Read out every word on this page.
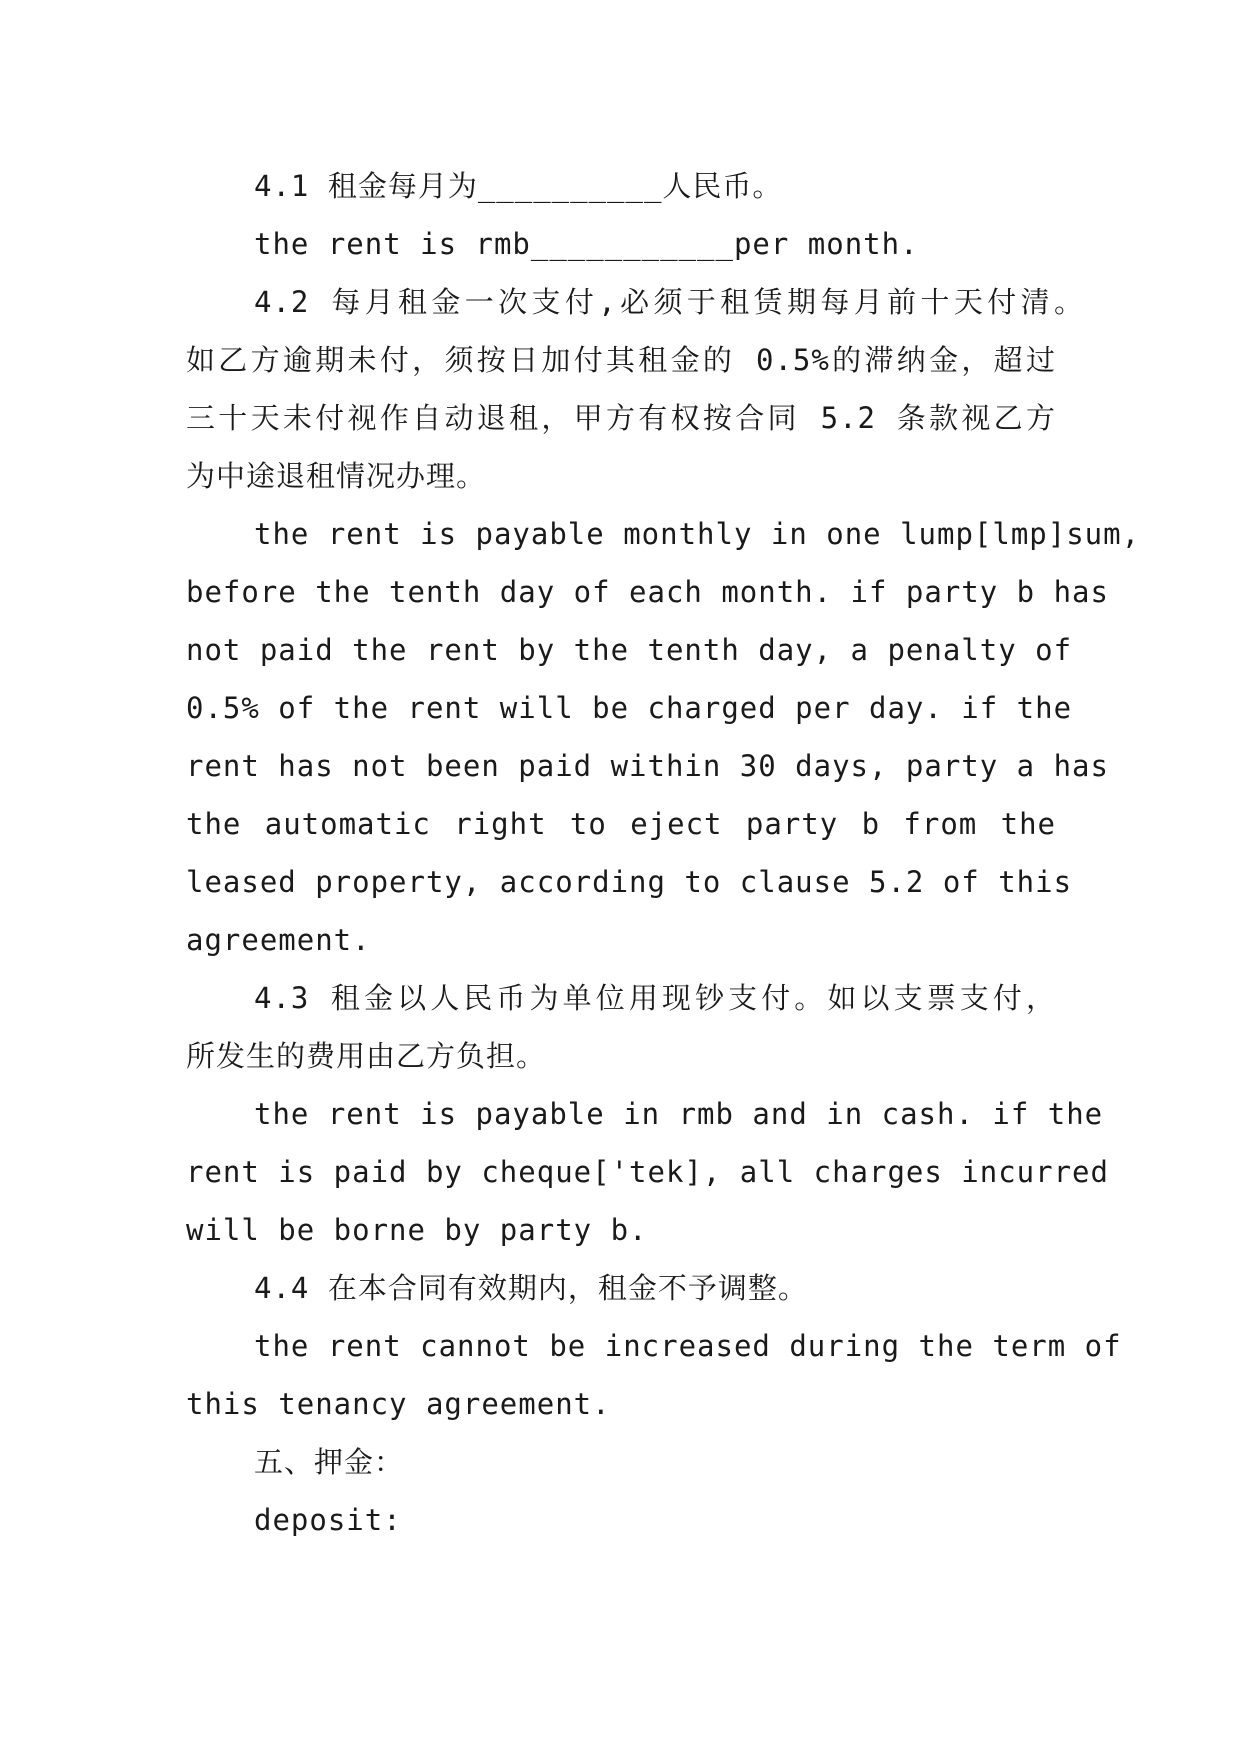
4.1 租金每月为__________人民币。

the rent is rmb___________per month.

4.2 每月租金一次支付,必须于租赁期每月前十天付清。

如乙方逾期未付，须按日加付其租金的 0.5%的滞纳金，超过

三十天未付视作自动退租，甲方有权按合同 5.2 条款视乙方

为中途退租情况办理。

the rent is payable monthly in one lump[lmp]sum,

before the tenth day of each month. if party b has

not paid the rent by the tenth day, a penalty of

0.5% of the rent will be charged per day. if the

rent has not been paid within 30 days, party a has

the automatic right to eject party b from the

leased property, according to clause 5.2 of this

agreement.

4.3 租金以人民币为单位用现钞支付。如以支票支付，

所发生的费用由乙方负担。

the rent is payable in rmb and in cash. if the

rent is paid by cheque['tek], all charges incurred

will be borne by party b.

4.4 在本合同有效期内，租金不予调整。

the rent cannot be increased during the term of

this tenancy agreement.

五、押金：

deposit:
